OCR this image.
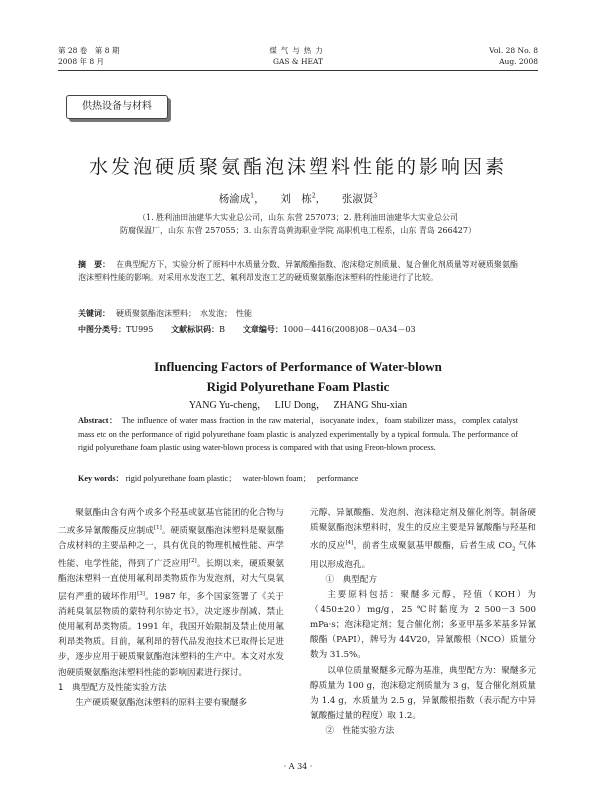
第 28 卷　第 8 期
2008 年 8 月
煤气与热力
GAS & HEAT
Vol. 28 No. 8
Aug. 2008
供热设备与材料
水发泡硬质聚氨酯泡沫塑料性能的影响因素
杨渝成$^1$，　　 刘　栋$^2$，　　 张淑贤$^3$
（1. 胜利油田油建华大实业总公司，山东 东营 257073；2. 胜利油田油建华大实业总公司
防腐保温厂，山东 东营 257055；3. 山东青岛黄海职业学院 高职机电工程系，山东 青岛 266427）
摘　要： 在典型配方下，实验分析了原料中水质量分数、异氰酸酯指数、泡沫稳定剂质量、复合催化剂质量等对硬质聚氨酯泡沫塑料性能的影响。对采用水发泡工艺、氟利昂发泡工艺的硬质聚氨酯泡沫塑料的性能进行了比较。
关键词： 硬质聚氨酯泡沫塑料；　水发泡；　性能
中图分类号：TU995 文献标识码：B 文章编号：1000－4416(2008)08－0A34－03
Influencing Factors of Performance of Water-blown
Rigid Polyurethane Foam Plastic
YANG Yu-cheng，   LIU Dong，   ZHANG Shu-xian
Abstract： The influence of water mass fraction in the raw material，isocyanate index，foam stabilizer mass，complex catalyst mass etc on the performance of rigid polyurethane foam plastic is analyzed experimentally by a typical formula. The performance of rigid polyurethane foam plastic using water-blown process is compared with that using Freon-blown process.
Key words： rigid polyurethane foam plastic；   water-blown foam；   performance

聚氨酯由含有两个或多个羟基或氨基官能团的化合物与二或多异氰酸酯反应制成[1]。硬质聚氨酯泡沫塑料是聚氨酯合成材料的主要品种之一，具有优良的物理机械性能、声学性能、电学性能，得到了广泛应用[2]。长期以来，硬质聚氨酯泡沫塑料一直使用氟利昂类物质作为发泡剂，对大气臭氧层有严重的破坏作用[3]。1987 年，多个国家签署了《关于消耗臭氧层物质的蒙特利尔协定书》，决定逐步削减、禁止使用氟利昂类物质。1991 年，我国开始限制及禁止使用氟利昂类物质。目前，氟利昂的替代品发泡技术已取得长足进步，逐步应用于硬质聚氨酯泡沫塑料的生产中。本文对水发泡硬质聚氨酯泡沫塑料性能的影响因素进行探讨。

1　典型配方及性能实验方法

生产硬质聚氨酯泡沫塑料的原料主要有聚醚多

元醇、异氰酸酯、发泡剂、泡沫稳定剂及催化剂等。制备硬质聚氨酯泡沫塑料时，发生的反应主要是异氰酸酯与羟基和水的反应[4]，前者生成聚氨基甲酸酯，后者生成 $CO_2$ 气体用以形成泡孔。

①　典型配方

主要原料包括：聚醚多元醇，羟值（KOH）为（450±20）mg/g，25 ℃时黏度为 2 500－3 500 mPa·s；泡沫稳定剂；复合催化剂；多亚甲基多苯基多异氰酸酯（PAPI），牌号为 44V20，异氰酸根（NCO）质量分数为 31.5%。

以单位质量聚醚多元醇为基准，典型配方为：聚醚多元醇质量为 100 g，泡沫稳定剂质量为 3 g，复合催化剂质量为 1.4 g，水质量为 2.5 g，异氰酸根指数（表示配方中异氰酸酯过量的程度）取 1.2。

②　性能实验方法

· A 34 ·
